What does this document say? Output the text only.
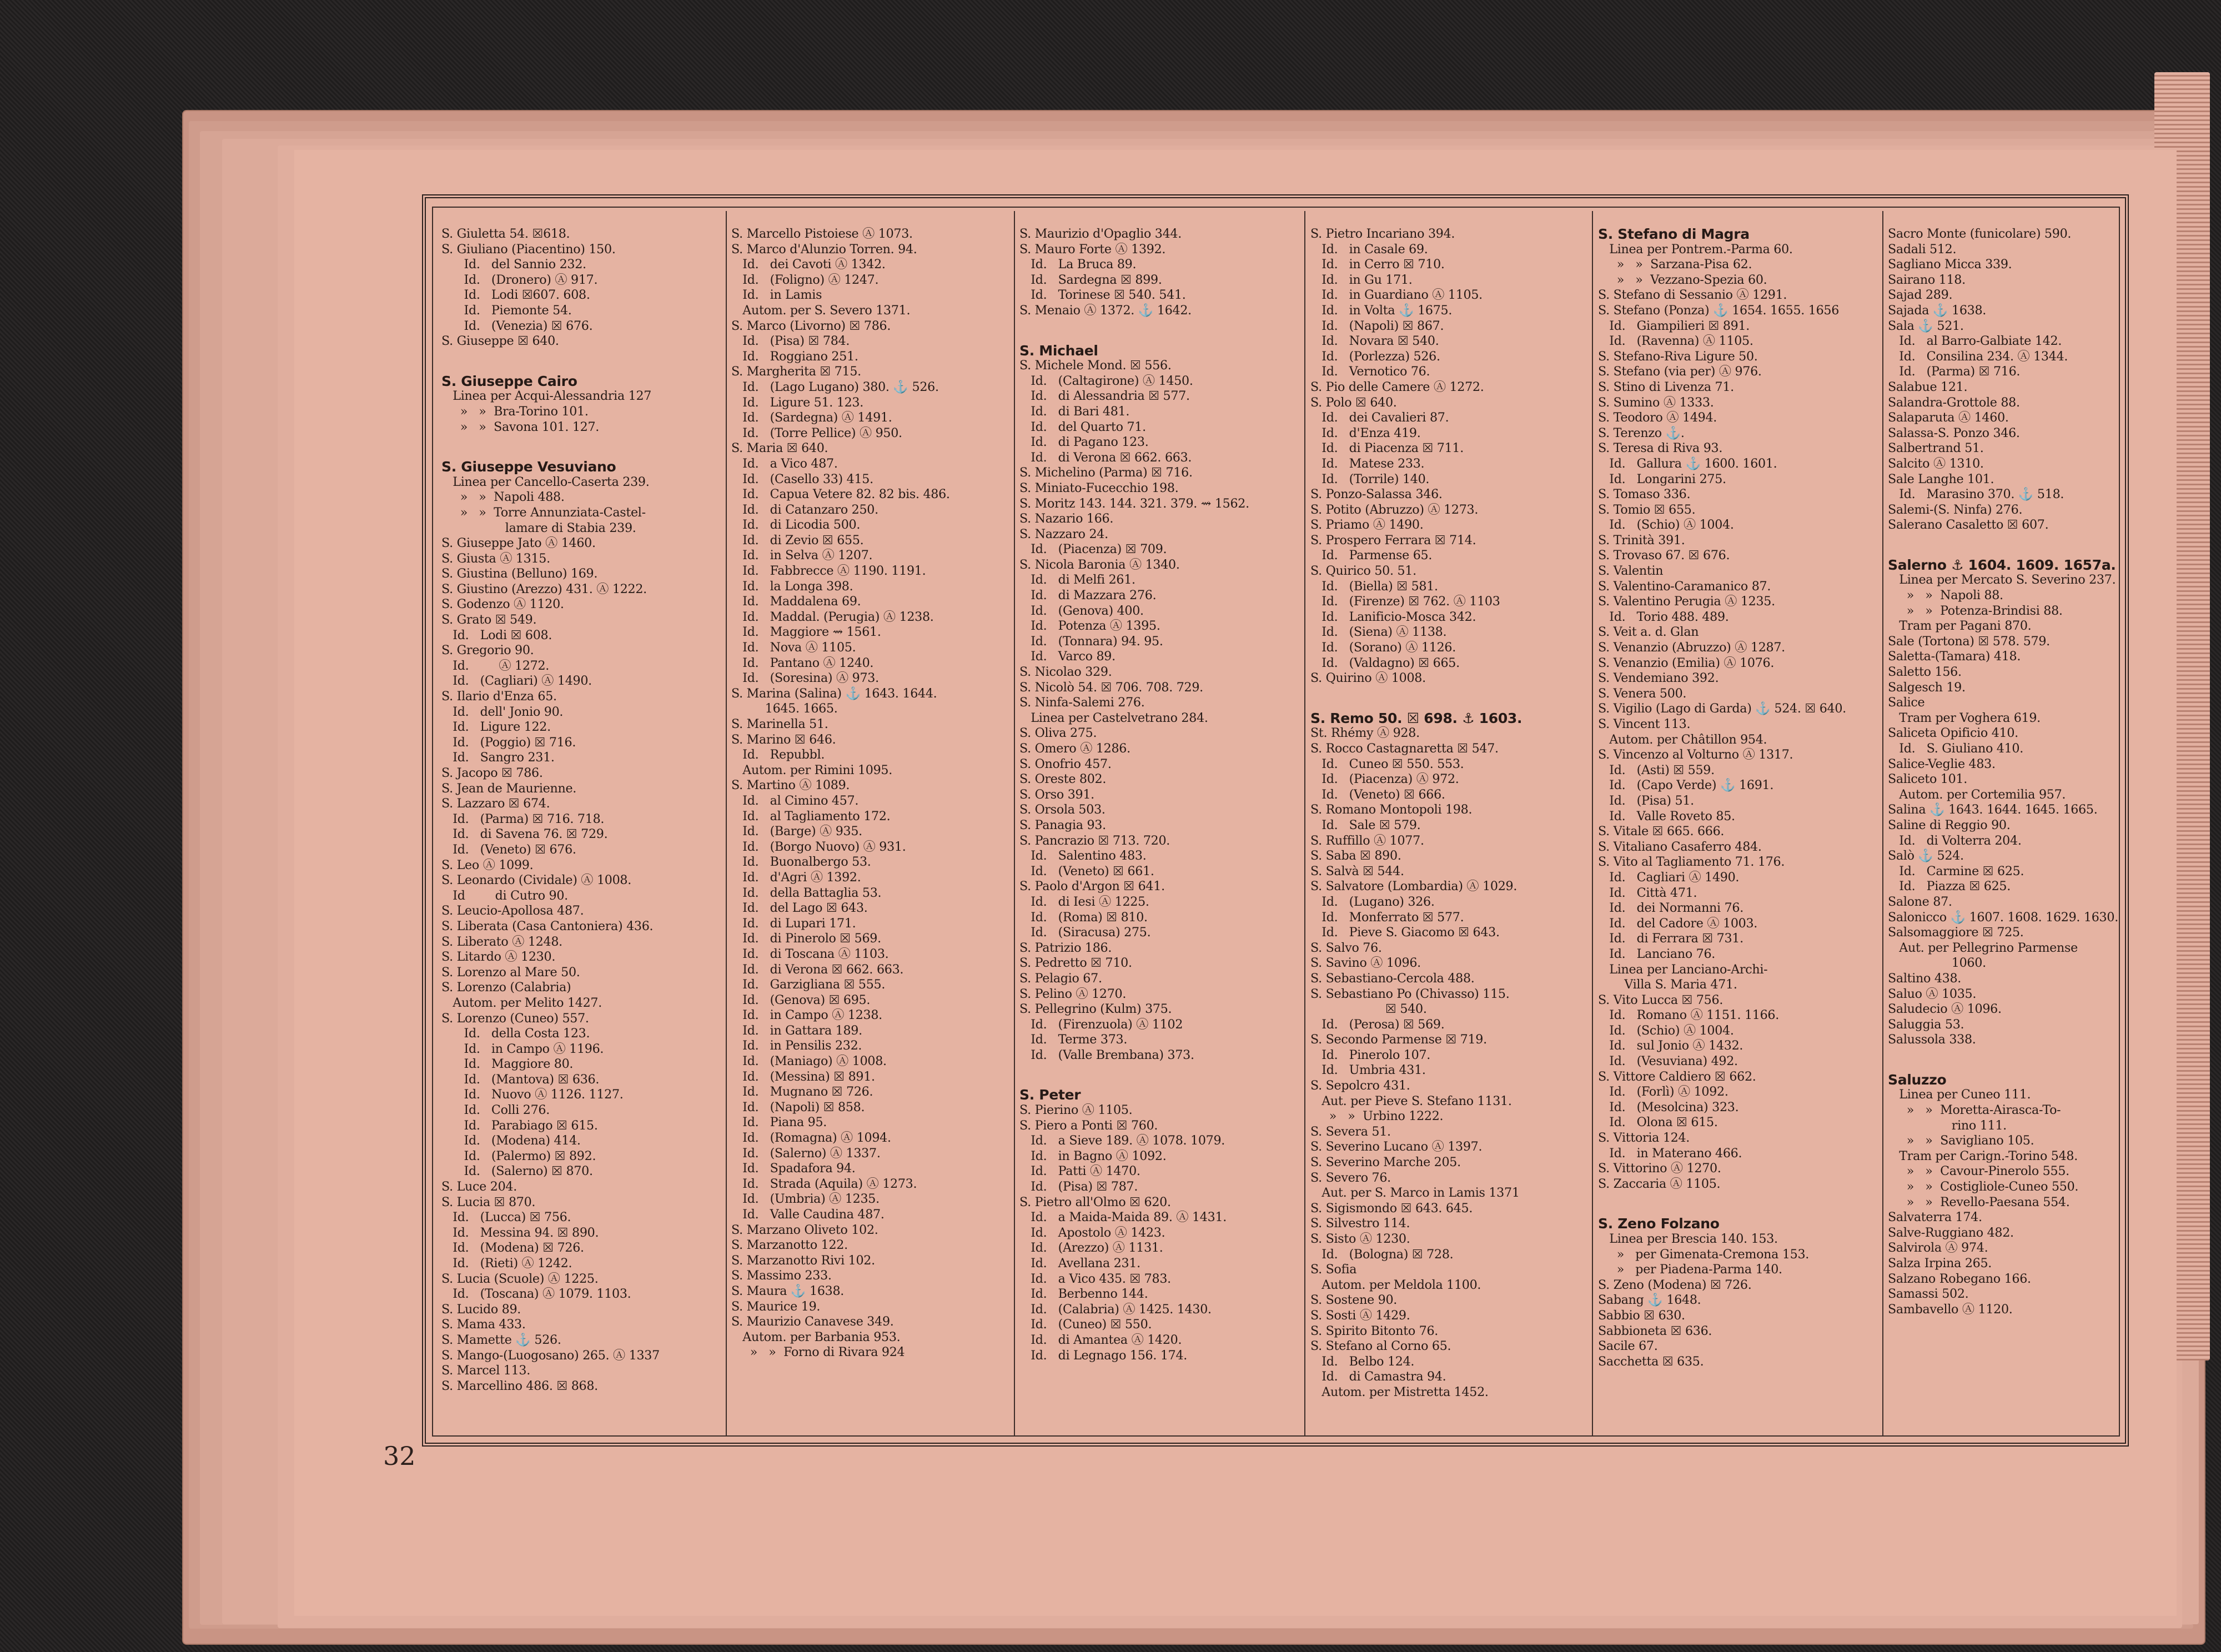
S. Giuletta 54. ☒618.
S. Giuliano (Piacentino) 150.
Id.   del Sannio 232.
Id.   (Dronero) Ⓐ 917.
Id.   Lodi ☒607. 608.
Id.   Piemonte 54.
Id.   (Venezia) ☒ 676.
S. Giuseppe ☒ 640.
S. Giuseppe Cairo
Linea per Acqui-Alessandria 127
»   »  Bra-Torino 101.
»   »  Savona 101. 127.
S. Giuseppe Vesuviano
Linea per Cancello-Caserta 239.
»   »  Napoli 488.
»   »  Torre Annunziata-Castel-
lamare di Stabia 239.
S. Giuseppe Jato Ⓐ 1460.
S. Giusta Ⓐ 1315.
S. Giustina (Belluno) 169.
S. Giustino (Arezzo) 431. Ⓐ 1222.
S. Godenzo Ⓐ 1120.
S. Grato ☒ 549.
Id.   Lodi ☒ 608.
S. Gregorio 90.
Id.        Ⓐ 1272.
Id.   (Cagliari) Ⓐ 1490.
S. Ilario d'Enza 65.
Id.   dell' Jonio 90.
Id.   Ligure 122.
Id.   (Poggio) ☒ 716.
Id.   Sangro 231.
S. Jacopo ☒ 786.
S. Jean de Maurienne.
S. Lazzaro ☒ 674.
Id.   (Parma) ☒ 716. 718.
Id.   di Savena 76. ☒ 729.
Id.   (Veneto) ☒ 676.
S. Leo Ⓐ 1099.
S. Leonardo (Cividale) Ⓐ 1008.
Id        di Cutro 90.
S. Leucio-Apollosa 487.
S. Liberata (Casa Cantoniera) 436.
S. Liberato Ⓐ 1248.
S. Litardo Ⓐ 1230.
S. Lorenzo al Mare 50.
S. Lorenzo (Calabria)
Autom. per Melito 1427.
S. Lorenzo (Cuneo) 557.
Id.   della Costa 123.
Id.   in Campo Ⓐ 1196.
Id.   Maggiore 80.
Id.   (Mantova) ☒ 636.
Id.   Nuovo Ⓐ 1126. 1127.
Id.   Colli 276.
Id.   Parabiago ☒ 615.
Id.   (Modena) 414.
Id.   (Palermo) ☒ 892.
Id.   (Salerno) ☒ 870.
S. Luce 204.
S. Lucia ☒ 870.
Id.   (Lucca) ☒ 756.
Id.   Messina 94. ☒ 890.
Id.   (Modena) ☒ 726.
Id.   (Rieti) Ⓐ 1242.
S. Lucia (Scuole) Ⓐ 1225.
Id.   (Toscana) Ⓐ 1079. 1103.
S. Lucido 89.
S. Mama 433.
S. Mamette ⚓ 526.
S. Mango-(Luogosano) 265. Ⓐ 1337
S. Marcel 113.
S. Marcellino 486. ☒ 868.
S. Marcello Pistoiese Ⓐ 1073.
S. Marco d'Alunzio Torren. 94.
Id.   dei Cavoti Ⓐ 1342.
Id.   (Foligno) Ⓐ 1247.
Id.   in Lamis
Autom. per S. Severo 1371.
S. Marco (Livorno) ☒ 786.
Id.   (Pisa) ☒ 784.
Id.   Roggiano 251.
S. Margherita ☒ 715.
Id.   (Lago Lugano) 380. ⚓ 526.
Id.   Ligure 51. 123.
Id.   (Sardegna) Ⓐ 1491.
Id.   (Torre Pellice) Ⓐ 950.
S. Maria ☒ 640.
Id.   a Vico 487.
Id.   (Casello 33) 415.
Id.   Capua Vetere 82. 82 bis. 486.
Id.   di Catanzaro 250.
Id.   di Licodia 500.
Id.   di Zevio ☒ 655.
Id.   in Selva Ⓐ 1207.
Id.   Fabbrecce Ⓐ 1190. 1191.
Id.   la Longa 398.
Id.   Maddalena 69.
Id.   Maddal. (Perugia) Ⓐ 1238.
Id.   Maggiore ⇝ 1561.
Id.   Nova Ⓐ 1105.
Id.   Pantano Ⓐ 1240.
Id.   (Soresina) Ⓐ 973.
S. Marina (Salina) ⚓ 1643. 1644.
1645. 1665.
S. Marinella 51.
S. Marino ☒ 646.
Id.   Repubbl.
Autom. per Rimini 1095.
S. Martino Ⓐ 1089.
Id.   al Cimino 457.
Id.   al Tagliamento 172.
Id.   (Barge) Ⓐ 935.
Id.   (Borgo Nuovo) Ⓐ 931.
Id.   Buonalbergo 53.
Id.   d'Agri Ⓐ 1392.
Id.   della Battaglia 53.
Id.   del Lago ☒ 643.
Id.   di Lupari 171.
Id.   di Pinerolo ☒ 569.
Id.   di Toscana Ⓐ 1103.
Id.   di Verona ☒ 662. 663.
Id.   Garzigliana ☒ 555.
Id.   (Genova) ☒ 695.
Id.   in Campo Ⓐ 1238.
Id.   in Gattara 189.
Id.   in Pensilis 232.
Id.   (Maniago) Ⓐ 1008.
Id.   (Messina) ☒ 891.
Id.   Mugnano ☒ 726.
Id.   (Napoli) ☒ 858.
Id.   Piana 95.
Id.   (Romagna) Ⓐ 1094.
Id.   (Salerno) Ⓐ 1337.
Id.   Spadafora 94.
Id.   Strada (Aquila) Ⓐ 1273.
Id.   (Umbria) Ⓐ 1235.
Id.   Valle Caudina 487.
S. Marzano Oliveto 102.
S. Marzanotto 122.
S. Marzanotto Rivi 102.
S. Massimo 233.
S. Maura ⚓ 1638.
S. Maurice 19.
S. Maurizio Canavese 349.
Autom. per Barbania 953.
»   »  Forno di Rivara 924
S. Maurizio d'Opaglio 344.
S. Mauro Forte Ⓐ 1392.
Id.   La Bruca 89.
Id.   Sardegna ☒ 899.
Id.   Torinese ☒ 540. 541.
S. Menaio Ⓐ 1372. ⚓ 1642.
S. Michael
S. Michele Mond. ☒ 556.
Id.   (Caltagirone) Ⓐ 1450.
Id.   di Alessandria ☒ 577.
Id.   di Bari 481.
Id.   del Quarto 71.
Id.   di Pagano 123.
Id.   di Verona ☒ 662. 663.
S. Michelino (Parma) ☒ 716.
S. Miniato-Fucecchio 198.
S. Moritz 143. 144. 321. 379. ⇝ 1562.
S. Nazario 166.
S. Nazzaro 24.
Id.   (Piacenza) ☒ 709.
S. Nicola Baronia Ⓐ 1340.
Id.   di Melfi 261.
Id.   di Mazzara 276.
Id.   (Genova) 400.
Id.   Potenza Ⓐ 1395.
Id.   (Tonnara) 94. 95.
Id.   Varco 89.
S. Nicolao 329.
S. Nicolò 54. ☒ 706. 708. 729.
S. Ninfa-Salemi 276.
Linea per Castelvetrano 284.
S. Oliva 275.
S. Omero Ⓐ 1286.
S. Onofrio 457.
S. Oreste 802.
S. Orso 391.
S. Orsola 503.
S. Panagia 93.
S. Pancrazio ☒ 713. 720.
Id.   Salentino 483.
Id.   (Veneto) ☒ 661.
S. Paolo d'Argon ☒ 641.
Id.   di Iesi Ⓐ 1225.
Id.   (Roma) ☒ 810.
Id.   (Siracusa) 275.
S. Patrizio 186.
S. Pedretto ☒ 710.
S. Pelagio 67.
S. Pelino Ⓐ 1270.
S. Pellegrino (Kulm) 375.
Id.   (Firenzuola) Ⓐ 1102
Id.   Terme 373.
Id.   (Valle Brembana) 373.
S. Peter
S. Pierino Ⓐ 1105.
S. Piero a Ponti ☒ 760.
Id.   a Sieve 189. Ⓐ 1078. 1079.
Id.   in Bagno Ⓐ 1092.
Id.   Patti Ⓐ 1470.
Id.   (Pisa) ☒ 787.
S. Pietro all'Olmo ☒ 620.
Id.   a Maida-Maida 89. Ⓐ 1431.
Id.   Apostolo Ⓐ 1423.
Id.   (Arezzo) Ⓐ 1131.
Id.   Avellana 231.
Id.   a Vico 435. ☒ 783.
Id.   Berbenno 144.
Id.   (Calabria) Ⓐ 1425. 1430.
Id.   (Cuneo) ☒ 550.
Id.   di Amantea Ⓐ 1420.
Id.   di Legnago 156. 174.
S. Pietro Incariano 394.
Id.   in Casale 69.
Id.   in Cerro ☒ 710.
Id.   in Gu 171.
Id.   in Guardiano Ⓐ 1105.
Id.   in Volta ⚓ 1675.
Id.   (Napoli) ☒ 867.
Id.   Novara ☒ 540.
Id.   (Porlezza) 526.
Id.   Vernotico 76.
S. Pio delle Camere Ⓐ 1272.
S. Polo ☒ 640.
Id.   dei Cavalieri 87.
Id.   d'Enza 419.
Id.   di Piacenza ☒ 711.
Id.   Matese 233.
Id.   (Torrile) 140.
S. Ponzo-Salassa 346.
S. Potito (Abruzzo) Ⓐ 1273.
S. Priamo Ⓐ 1490.
S. Prospero Ferrara ☒ 714.
Id.   Parmense 65.
S. Quirico 50. 51.
Id.   (Biella) ☒ 581.
Id.   (Firenze) ☒ 762. Ⓐ 1103
Id.   Lanificio-Mosca 342.
Id.   (Siena) Ⓐ 1138.
Id.   (Sorano) Ⓐ 1126.
Id.   (Valdagno) ☒ 665.
S. Quirino Ⓐ 1008.
S. Remo 50. ☒ 698. ⚓ 1603.
St. Rhémy Ⓐ 928.
S. Rocco Castagnaretta ☒ 547.
Id.   Cuneo ☒ 550. 553.
Id.   (Piacenza) Ⓐ 972.
Id.   (Veneto) ☒ 666.
S. Romano Montopoli 198.
Id.   Sale ☒ 579.
S. Ruffillo Ⓐ 1077.
S. Saba ☒ 890.
S. Salvà ☒ 544.
S. Salvatore (Lombardia) Ⓐ 1029.
Id.   (Lugano) 326.
Id.   Monferrato ☒ 577.
Id.   Pieve S. Giacomo ☒ 643.
S. Salvo 76.
S. Savino Ⓐ 1096.
S. Sebastiano-Cercola 488.
S. Sebastiano Po (Chivasso) 115.
☒ 540.
Id.   (Perosa) ☒ 569.
S. Secondo Parmense ☒ 719.
Id.   Pinerolo 107.
Id.   Umbria 431.
S. Sepolcro 431.
Aut. per Pieve S. Stefano 1131.
»   »  Urbino 1222.
S. Severa 51.
S. Severino Lucano Ⓐ 1397.
S. Severino Marche 205.
S. Severo 76.
Aut. per S. Marco in Lamis 1371
S. Sigismondo ☒ 643. 645.
S. Silvestro 114.
S. Sisto Ⓐ 1230.
Id.   (Bologna) ☒ 728.
S. Sofia
Autom. per Meldola 1100.
S. Sostene 90.
S. Sosti Ⓐ 1429.
S. Spirito Bitonto 76.
S. Stefano al Corno 65.
Id.   Belbo 124.
Id.   di Camastra 94.
Autom. per Mistretta 1452.
S. Stefano di Magra
Linea per Pontrem.-Parma 60.
»   »  Sarzana-Pisa 62.
»   »  Vezzano-Spezia 60.
S. Stefano di Sessanio Ⓐ 1291.
S. Stefano (Ponza) ⚓ 1654. 1655. 1656
Id.   Giampilieri ☒ 891.
Id.   (Ravenna) Ⓐ 1105.
S. Stefano-Riva Ligure 50.
S. Stefano (via per) Ⓐ 976.
S. Stino di Livenza 71.
S. Sumino Ⓐ 1333.
S. Teodoro Ⓐ 1494.
S. Terenzo ⚓.
S. Teresa di Riva 93.
Id.   Gallura ⚓ 1600. 1601.
Id.   Longarini 275.
S. Tomaso 336.
S. Tomio ☒ 655.
Id.   (Schio) Ⓐ 1004.
S. Trinità 391.
S. Trovaso 67. ☒ 676.
S. Valentin
S. Valentino-Caramanico 87.
S. Valentino Perugia Ⓐ 1235.
Id.   Torio 488. 489.
S. Veit a. d. Glan
S. Venanzio (Abruzzo) Ⓐ 1287.
S. Venanzio (Emilia) Ⓐ 1076.
S. Vendemiano 392.
S. Venera 500.
S. Vigilio (Lago di Garda) ⚓ 524. ☒ 640.
S. Vincent 113.
Autom. per Châtillon 954.
S. Vincenzo al Volturno Ⓐ 1317.
Id.   (Asti) ☒ 559.
Id.   (Capo Verde) ⚓ 1691.
Id.   (Pisa) 51.
Id.   Valle Roveto 85.
S. Vitale ☒ 665. 666.
S. Vitaliano Casaferro 484.
S. Vito al Tagliamento 71. 176.
Id.   Cagliari Ⓐ 1490.
Id.   Città 471.
Id.   dei Normanni 76.
Id.   del Cadore Ⓐ 1003.
Id.   di Ferrara ☒ 731.
Id.   Lanciano 76.
Linea per Lanciano-Archi-
Villa S. Maria 471.
S. Vito Lucca ☒ 756.
Id.   Romano Ⓐ 1151. 1166.
Id.   (Schio) Ⓐ 1004.
Id.   sul Jonio Ⓐ 1432.
Id.   (Vesuviana) 492.
S. Vittore Caldiero ☒ 662.
Id.   (Forlì) Ⓐ 1092.
Id.   (Mesolcina) 323.
Id.   Olona ☒ 615.
S. Vittoria 124.
Id.   in Materano 466.
S. Vittorino Ⓐ 1270.
S. Zaccaria Ⓐ 1105.
S. Zeno Folzano
Linea per Brescia 140. 153.
»   per Gimenata-Cremona 153.
»   per Piadena-Parma 140.
S. Zeno (Modena) ☒ 726.
Sabang ⚓ 1648.
Sabbio ☒ 630.
Sabbioneta ☒ 636.
Sacile 67.
Sacchetta ☒ 635.
Sacro Monte (funicolare) 590.
Sadali 512.
Sagliano Micca 339.
Sairano 118.
Sajad 289.
Sajada ⚓ 1638.
Sala ⚓ 521.
Id.   al Barro-Galbiate 142.
Id.   Consilina 234. Ⓐ 1344.
Id.   (Parma) ☒ 716.
Salabue 121.
Salandra-Grottole 88.
Salaparuta Ⓐ 1460.
Salassa-S. Ponzo 346.
Salbertrand 51.
Salcito Ⓐ 1310.
Sale Langhe 101.
Id.   Marasino 370. ⚓ 518.
Salemi-(S. Ninfa) 276.
Salerano Casaletto ☒ 607.
Salerno ⚓ 1604. 1609. 1657a.
Linea per Mercato S. Severino 237.
»   »  Napoli 88.
»   »  Potenza-Brindisi 88.
Tram per Pagani 870.
Sale (Tortona) ☒ 578. 579.
Saletta-(Tamara) 418.
Saletto 156.
Salgesch 19.
Salice
Tram per Voghera 619.
Saliceta Opificio 410.
Id.   S. Giuliano 410.
Salice-Veglie 483.
Saliceto 101.
Autom. per Cortemilia 957.
Salina ⚓ 1643. 1644. 1645. 1665.
Saline di Reggio 90.
Id.   di Volterra 204.
Salò ⚓ 524.
Id.   Carmine ☒ 625.
Id.   Piazza ☒ 625.
Salone 87.
Salonicco ⚓ 1607. 1608. 1629. 1630.
Salsomaggiore ☒ 725.
Aut. per Pellegrino Parmense
1060.
Saltino 438.
Saluo Ⓐ 1035.
Saludecio Ⓐ 1096.
Saluggia 53.
Salussola 338.
Saluzzo
Linea per Cuneo 111.
»   »  Moretta-Airasca-To-
rino 111.
»   »  Savigliano 105.
Tram per Carign.-Torino 548.
»   »  Cavour-Pinerolo 555.
»   »  Costigliole-Cuneo 550.
»   »  Revello-Paesana 554.
Salvaterra 174.
Salve-Ruggiano 482.
Salvirola Ⓐ 974.
Salza Irpina 265.
Salzano Robegano 166.
Samassi 502.
Sambavello Ⓐ 1120.
32
